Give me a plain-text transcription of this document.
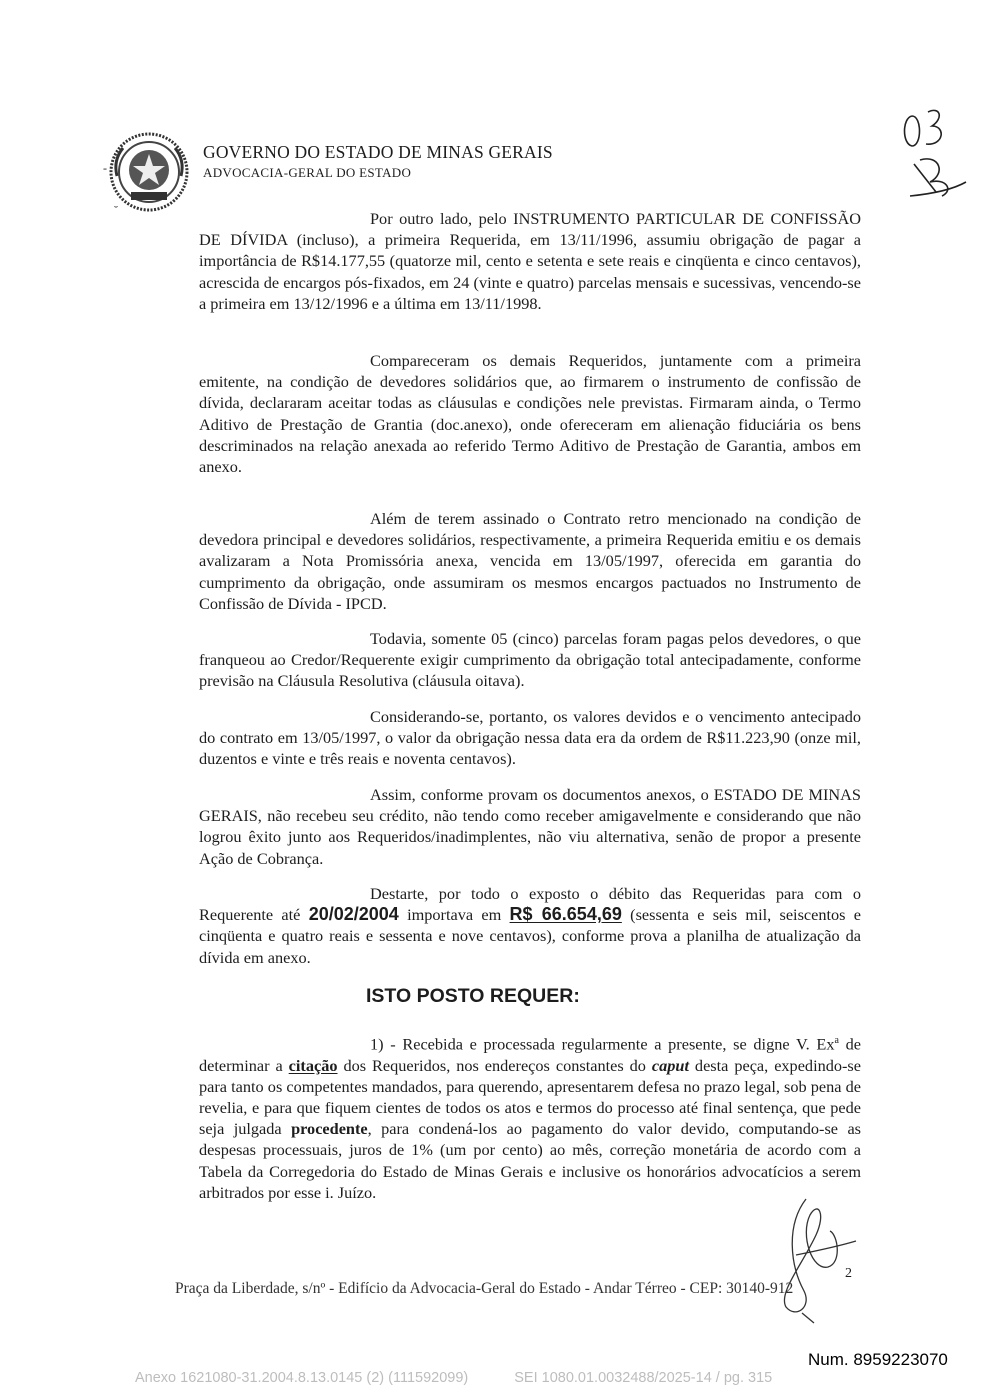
GOVERNO DO ESTADO DE MINAS GERAIS
ADVOCACIA-GERAL DO ESTADO
-
˘	Por outro lado, pelo INSTRUMENTO PARTICULAR DE CONFISSÃO DE DÍVIDA (incluso), a primeira Requerida, em 13/11/1996, assumiu obrigação de pagar a importância de R$14.177,55 (quatorze mil, cento e setenta e sete reais e cinqüenta e cinco centavos), acrescida de encargos pós-fixados, em 24 (vinte e quatro) parcelas mensais e sucessivas, vencendo-se a primeira em 13/12/1996 e a última em 13/11/1998.

Compareceram os demais Requeridos, juntamente com a primeira emitente, na condição de devedores solidários que, ao firmarem o instrumento de confissão de dívida, declararam aceitar todas as cláusulas e condições nele previstas. Firmaram ainda, o Termo Aditivo de Prestação de Grantia (doc.anexo), onde ofereceram em alienação fiduciária os bens descriminados na relação anexada ao referido Termo Aditivo de Prestação de Garantia, ambos em anexo.

Além de terem assinado o Contrato retro mencionado na condição de devedora principal e devedores solidários, respectivamente, a primeira Requerida emitiu e os demais avalizaram a Nota Promissória anexa, vencida em 13/05/1997, oferecida em garantia do cumprimento da obrigação, onde assumiram os mesmos encargos pactuados no Instrumento de Confissão de Dívida - IPCD.

Todavia, somente 05 (cinco) parcelas foram pagas pelos devedores, o que franqueou ao Credor/Requerente exigir cumprimento da obrigação total antecipadamente, conforme previsão na Cláusula Resolutiva (cláusula oitava).

Considerando-se, portanto, os valores devidos e o vencimento antecipado do contrato em 13/05/1997, o valor da obrigação nessa data era da ordem de R$11.223,90 (onze mil, duzentos e vinte e três reais e noventa centavos).

Assim, conforme provam os documentos anexos, o ESTADO DE MINAS GERAIS, não recebeu seu crédito, não tendo como receber amigavelmente e considerando que não logrou êxito junto aos Requeridos/inadimplentes, não viu alternativa, senão de propor a presente Ação de Cobrança.

Destarte, por todo o exposto o débito das Requeridas para com o Requerente até 20/02/2004 importava em R$ 66.654,69 (sessenta e seis mil, seiscentos e cinqüenta e quatro reais e sessenta e nove centavos), conforme prova a planilha de atualização da dívida em anexo.

ISTO POSTO REQUER:

1) - Recebida e processada regularmente a presente, se digne V. Ex$^a$ de determinar a citação dos Requeridos, nos endereços constantes do caput desta peça, expedindo-se para tanto os competentes mandados, para querendo, apresentarem defesa no prazo legal, sob pena de revelia, e para que fiquem cientes de todos os atos e termos do processo até final sentença, que pede seja julgada procedente, para condená-los ao pagamento do valor devido, computando-se as despesas processuais, juros de 1% (um por cento) ao mês, correção monetária de acordo com a Tabela da Corregedoria do Estado de Minas Gerais e inclusive os honorários advocatícios a serem arbitrados por esse i. Juízo.

Praça da Liberdade, s/nº - Edifício da Advocacia-Geral do Estado - Andar Térreo - CEP: 30140-912
2
Num. 8959223070
Anexo 1621080-31.2004.8.13.0145 (2) (111592099)	SEI 1080.01.0032488/2025-14 / pg. 315
